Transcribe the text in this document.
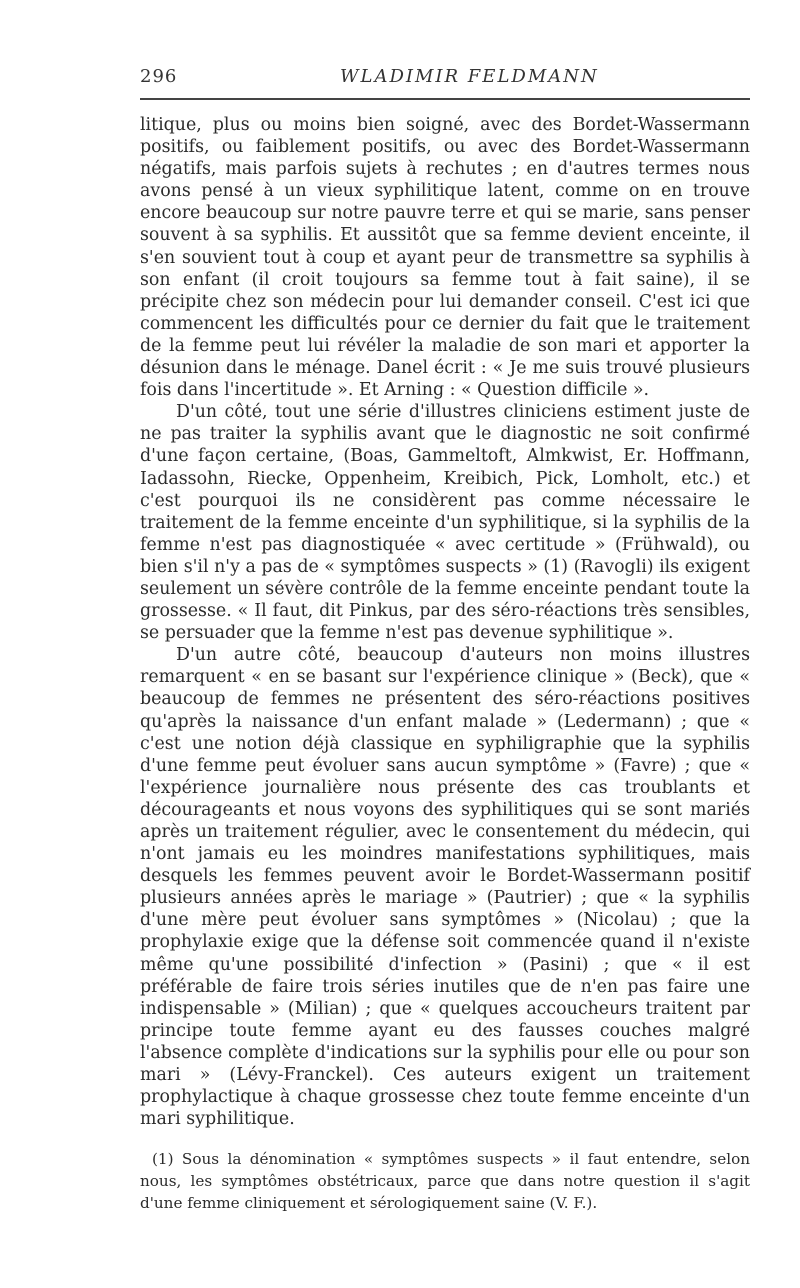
296	WLADIMIR FELDMANN

litique, plus ou moins bien soigné, avec des Bordet-Wassermann positifs, ou faiblement positifs, ou avec des Bordet-Wassermann négatifs, mais parfois sujets à rechutes ; en d'autres termes nous avons pensé à un vieux syphilitique latent, comme on en trouve encore beaucoup sur notre pauvre terre et qui se marie, sans penser souvent à sa syphilis. Et aussitôt que sa femme devient enceinte, il s'en souvient tout à coup et ayant peur de transmettre sa syphilis à son enfant (il croit toujours sa femme tout à fait saine), il se précipite chez son médecin pour lui demander conseil. C'est ici que commencent les difficultés pour ce dernier du fait que le traitement de la femme peut lui révéler la maladie de son mari et apporter la désunion dans le ménage. Danel écrit : « Je me suis trouvé plusieurs fois dans l'incertitude ». Et Arning : « Question difficile ».

D'un côté, tout une série d'illustres cliniciens estiment juste de ne pas traiter la syphilis avant que le diagnostic ne soit confirmé d'une façon certaine, (Boas, Gammeltoft, Almkwist, Er. Hoffmann, Iadassohn, Riecke, Oppenheim, Kreibich, Pick, Lomholt, etc.) et c'est pourquoi ils ne considèrent pas comme nécessaire le traitement de la femme enceinte d'un syphilitique, si la syphilis de la femme n'est pas diagnostiquée « avec certitude » (Frühwald), ou bien s'il n'y a pas de « symptômes suspects » (1) (Ravogli) ils exigent seulement un sévère contrôle de la femme enceinte pendant toute la grossesse. « Il faut, dit Pinkus, par des séro-réactions très sensibles, se persuader que la femme n'est pas devenue syphilitique ».

D'un autre côté, beaucoup d'auteurs non moins illustres remarquent « en se basant sur l'expérience clinique » (Beck), que « beaucoup de femmes ne présentent des séro-réactions positives qu'après la naissance d'un enfant malade » (Ledermann) ; que « c'est une notion déjà classique en syphiligraphie que la syphilis d'une femme peut évoluer sans aucun symptôme » (Favre) ; que « l'expérience journalière nous présente des cas troublants et décourageants et nous voyons des syphilitiques qui se sont mariés après un traitement régulier, avec le consentement du médecin, qui n'ont jamais eu les moindres manifestations syphilitiques, mais desquels les femmes peuvent avoir le Bordet-Wassermann positif plusieurs années après le mariage » (Pautrier) ; que « la syphilis d'une mère peut évoluer sans symptômes » (Nicolau) ; que la prophylaxie exige que la défense soit commencée quand il n'existe même qu'une possibilité d'infection » (Pasini) ; que « il est préférable de faire trois séries inutiles que de n'en pas faire une indispensable » (Milian) ; que « quelques accoucheurs traitent par principe toute femme ayant eu des fausses couches malgré l'absence complète d'indications sur la syphilis pour elle ou pour son mari » (Lévy-Franckel). Ces auteurs exigent un traitement prophylactique à chaque grossesse chez toute femme enceinte d'un mari syphilitique.

(1) Sous la dénomination « symptômes suspects » il faut entendre, selon nous, les symptômes obstétricaux, parce que dans notre question il s'agit d'une femme cliniquement et sérologiquement saine (V. F.).
